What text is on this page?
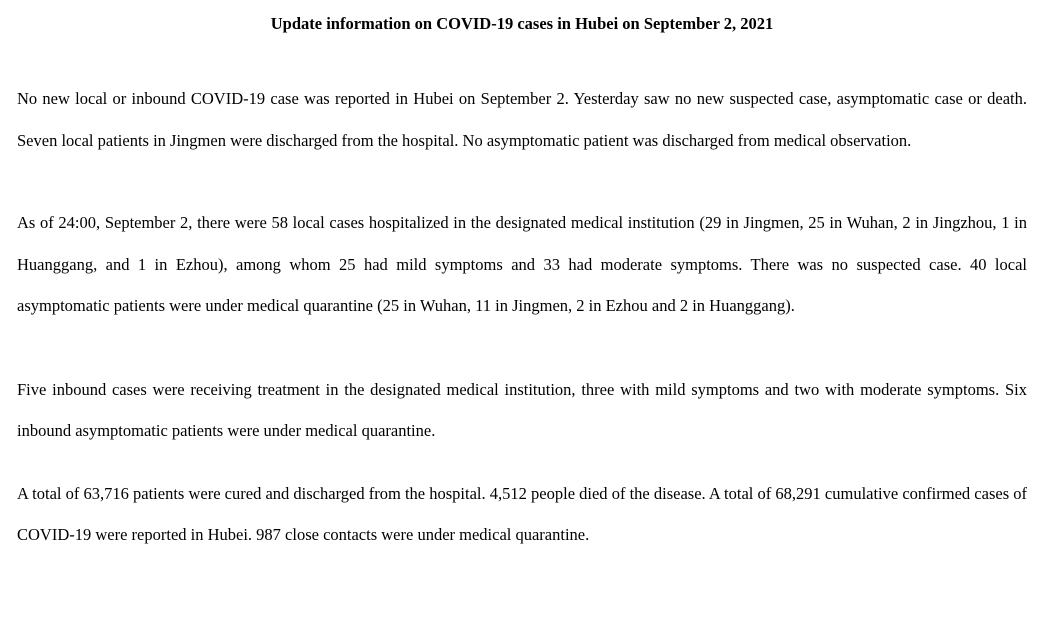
Update information on COVID-19 cases in Hubei on September 2, 2021

No new local or inbound COVID-19 case was reported in Hubei on September 2. Yesterday saw no new suspected case, asymptomatic case or death. Seven local patients in Jingmen were discharged from the hospital. No asymptomatic patient was discharged from medical observation.

As of 24:00, September 2, there were 58 local cases hospitalized in the designated medical institution (29 in Jingmen, 25 in Wuhan, 2 in Jingzhou, 1 in Huanggang, and 1 in Ezhou), among whom 25 had mild symptoms and 33 had moderate symptoms. There was no suspected case. 40 local asymptomatic patients were under medical quarantine (25 in Wuhan, 11 in Jingmen, 2 in Ezhou and 2 in Huanggang).

Five inbound cases were receiving treatment in the designated medical institution, three with mild symptoms and two with moderate symptoms. Six inbound asymptomatic patients were under medical quarantine.

A total of 63,716 patients were cured and discharged from the hospital. 4,512 people died of the disease. A total of 68,291 cumulative confirmed cases of COVID-19 were reported in Hubei. 987 close contacts were under medical quarantine.
